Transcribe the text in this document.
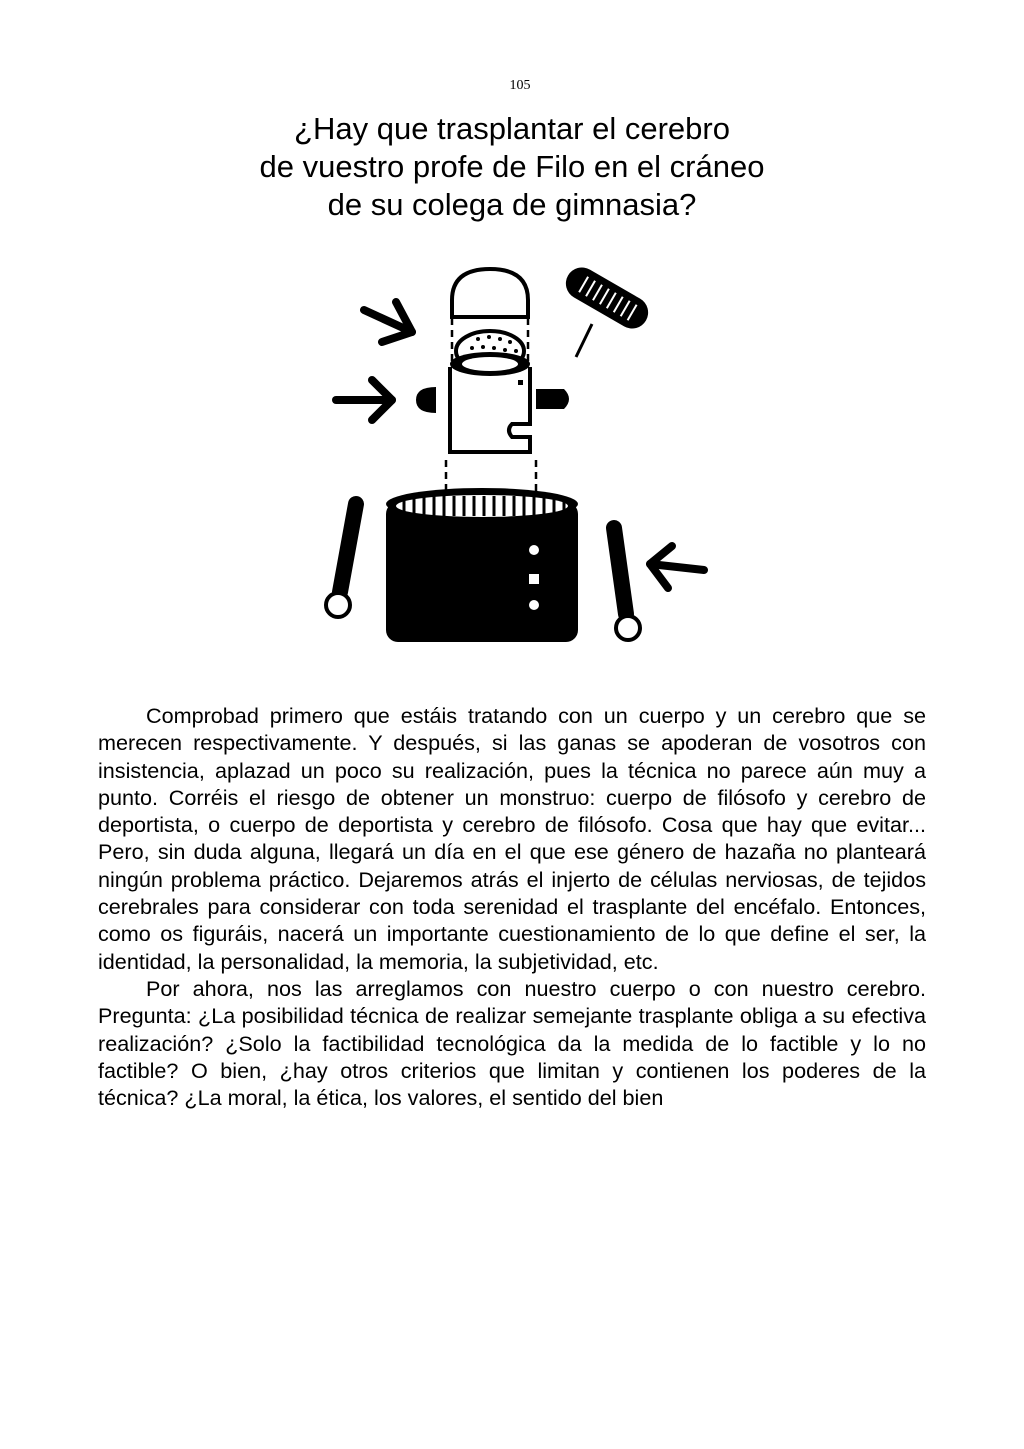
105
¿Hay que trasplantar el cerebro
de vuestro profe de Filo en el cráneo
de su colega de gimnasia?

Comprobad primero que estáis tratando con un cuerpo y un cerebro que se merecen respectivamente. Y después, si las ganas se apoderan de vosotros con insistencia, aplazad un poco su realización, pues la técnica no parece aún muy a punto. Corréis el riesgo de obtener un monstruo: cuerpo de filósofo y cerebro de deportista, o cuerpo de deportista y cerebro de filósofo. Cosa que hay que evitar... Pero, sin duda alguna, llegará un día en el que ese género de hazaña no planteará ningún problema práctico. Dejaremos atrás el injerto de células nerviosas, de tejidos cerebrales para considerar con toda serenidad el trasplante del encéfalo. Entonces, como os figuráis, nacerá un importante cuestionamiento de lo que define el ser, la identidad, la personalidad, la memoria, la subjetividad, etc.

Por ahora, nos las arreglamos con nuestro cuerpo o con nuestro cerebro. Pregunta: ¿La posibilidad técnica de realizar semejante trasplante obliga a su efectiva realización? ¿Solo la factibilidad tecnológica da la medida de lo factible y lo no factible? O bien, ¿hay otros criterios que limitan y contienen los poderes de la técnica? ¿La moral, la ética, los valores, el sentido del bien
